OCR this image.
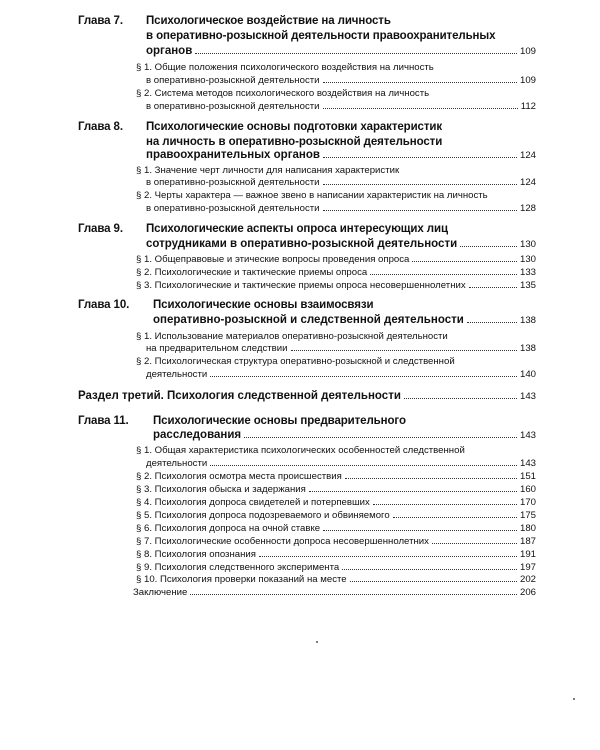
Глава 7. Психологическое воздействие на личность
в оперативно-розыскной деятельности правоохранительных
органов	109
§ 1. Общие положения психологического воздействия на личность
в оперативно-розыскной деятельности	109
§ 2. Система методов психологического воздействия на личность
в оперативно-розыскной деятельности	112
Глава 8. Психологические основы подготовки характеристик
на личность в оперативно-розыскной деятельности
правоохранительных органов	124
§ 1. Значение черт личности для написания характеристик
в оперативно-розыскной деятельности	124
§ 2. Черты характера — важное звено в написании характеристик на личность
в оперативно-розыскной деятельности	128
Глава 9. Психологические аспекты опроса интересующих лиц
сотрудниками в оперативно-розыскной деятельности	130
§ 1. Общеправовые и этические вопросы проведения опроса	130
§ 2. Психологические и тактические приемы опроса	133
§ 3. Психологические и тактические приемы опроса несовершеннолетних	135
Глава 10. Психологические основы взаимосвязи
оперативно-розыскной и следственной деятельности	138
§ 1. Использование материалов оперативно-розыскной деятельности
на предварительном следствии	138
§ 2. Психологическая структура оперативно-розыскной и следственной
деятельности	140
Раздел третий. Психология следственной деятельности	143
Глава 11. Психологические основы предварительного
расследования	143
§ 1. Общая характеристика психологических особенностей следственной
деятельности	143
§ 2. Психология осмотра места происшествия	151
§ 3. Психология обыска и задержания	160
§ 4. Психология допроса свидетелей и потерпевших	170
§ 5. Психология допроса подозреваемого и обвиняемого	175
§ 6. Психология допроса на очной ставке	180
§ 7. Психологические особенности допроса несовершеннолетних	187
§ 8. Психология опознания	191
§ 9. Психология следственного эксперимента	197
§ 10. Психология проверки показаний на месте	202
Заключение	206
